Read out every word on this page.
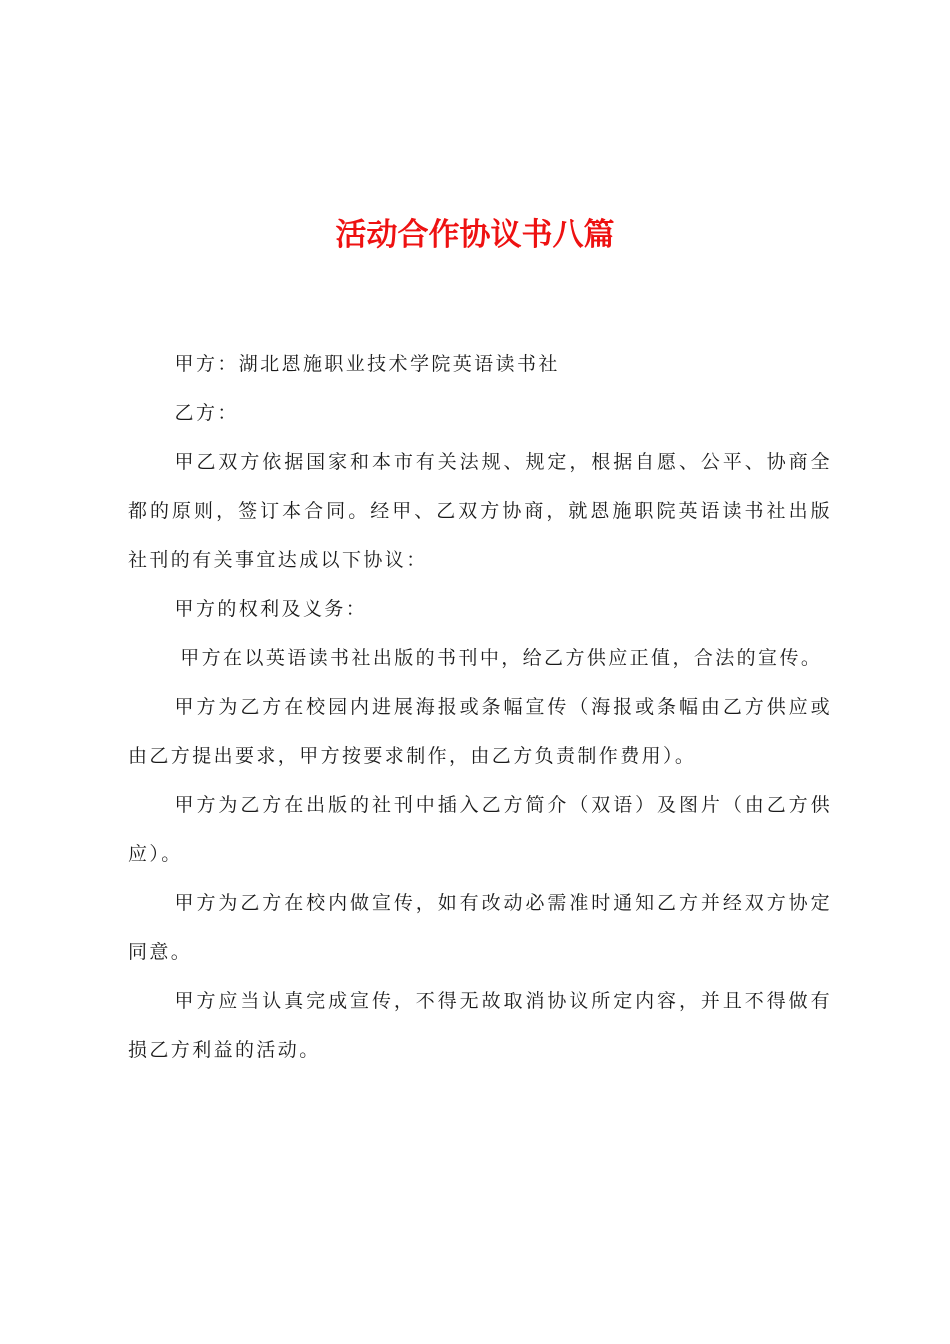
活动合作协议书八篇

甲方：湖北恩施职业技术学院英语读书社

乙方：

甲乙双方依据国家和本市有关法规、规定，根据自愿、公平、协商全都的原则，签订本合同。经甲、乙双方协商，就恩施职院英语读书社出版社刊的有关事宜达成以下协议：

甲方的权利及义务：

甲方在以英语读书社出版的书刊中，给乙方供应正值，合法的宣传。

甲方为乙方在校园内进展海报或条幅宣传（海报或条幅由乙方供应或由乙方提出要求，甲方按要求制作，由乙方负责制作费用）。

甲方为乙方在出版的社刊中插入乙方简介（双语）及图片（由乙方供应）。

甲方为乙方在校内做宣传，如有改动必需准时通知乙方并经双方协定同意。

甲方应当认真完成宣传，不得无故取消协议所定内容，并且不得做有损乙方利益的活动。
